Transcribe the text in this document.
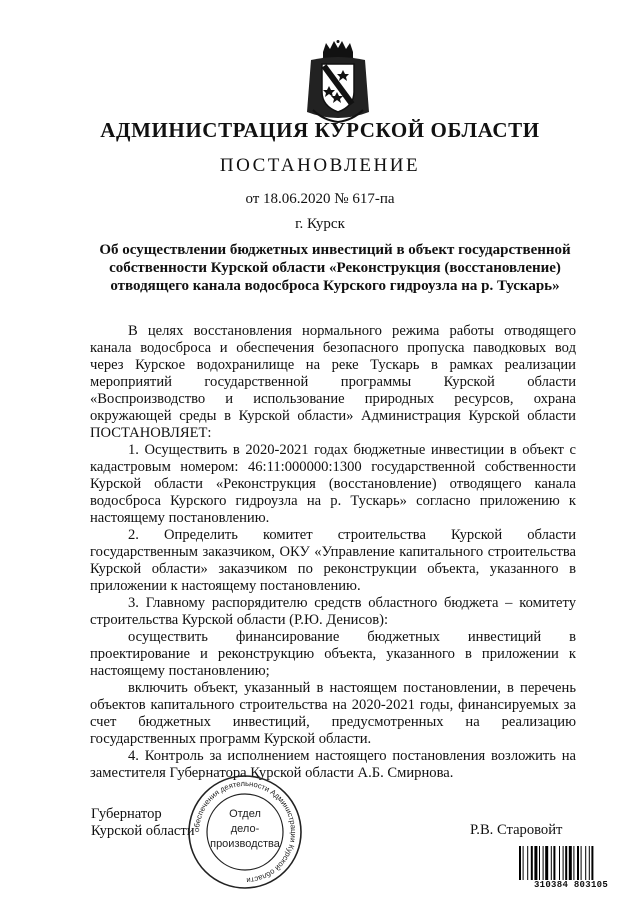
АДМИНИСТРАЦИЯ КУРСКОЙ ОБЛАСТИ
ПОСТАНОВЛЕНИЕ
от 18.06.2020 № 617-па
г. Курск
Об осуществлении бюджетных инвестиций в объект государственной собственности Курской области «Реконструкция (восстановление) отводящего канала водосброса Курского гидроузла на р. Тускарь»

В целях восстановления нормального режима работы отводящего канала водосброса и обеспечения безопасного пропуска паводковых вод через Курское водохранилище на реке Тускарь в рамках реализации мероприятий государственной программы Курской области «Воспроизводство и использование природных ресурсов, охрана окружающей среды в Курской области» Администрация Курской области ПОСТАНОВЛЯЕТ:

1. Осуществить в 2020-2021 годах бюджетные инвестиции в объект с кадастровым номером: 46:11:000000:1300 государственной собственности Курской области «Реконструкция (восстановление) отводящего канала водосброса Курского гидроузла на р. Тускарь» согласно приложению к настоящему постановлению.

2. Определить комитет строительства Курской области государственным заказчиком, ОКУ «Управление капитального строительства Курской области» заказчиком по реконструкции объекта, указанного в приложении к настоящему постановлению.

3. Главному распорядителю средств областного бюджета – комитету строительства Курской области (Р.Ю. Денисов):

осуществить финансирование бюджетных инвестиций в проектирование и реконструкцию объекта, указанного в приложении к настоящему постановлению;

включить объект, указанный в настоящем постановлении, в перечень объектов капитального строительства на 2020-2021 годы, финансируемых за счет бюджетных инвестиций, предусмотренных на реализацию государственных программ Курской области.

4. Контроль за исполнением настоящего постановления возложить на заместителя Губернатора Курской области А.Б. Смирнова.

Губернатор
Курской области	Р.В. Старовойт
обеспечения деятельности Администрации Курской области
Отдел
дело-
производства
310384 803105
